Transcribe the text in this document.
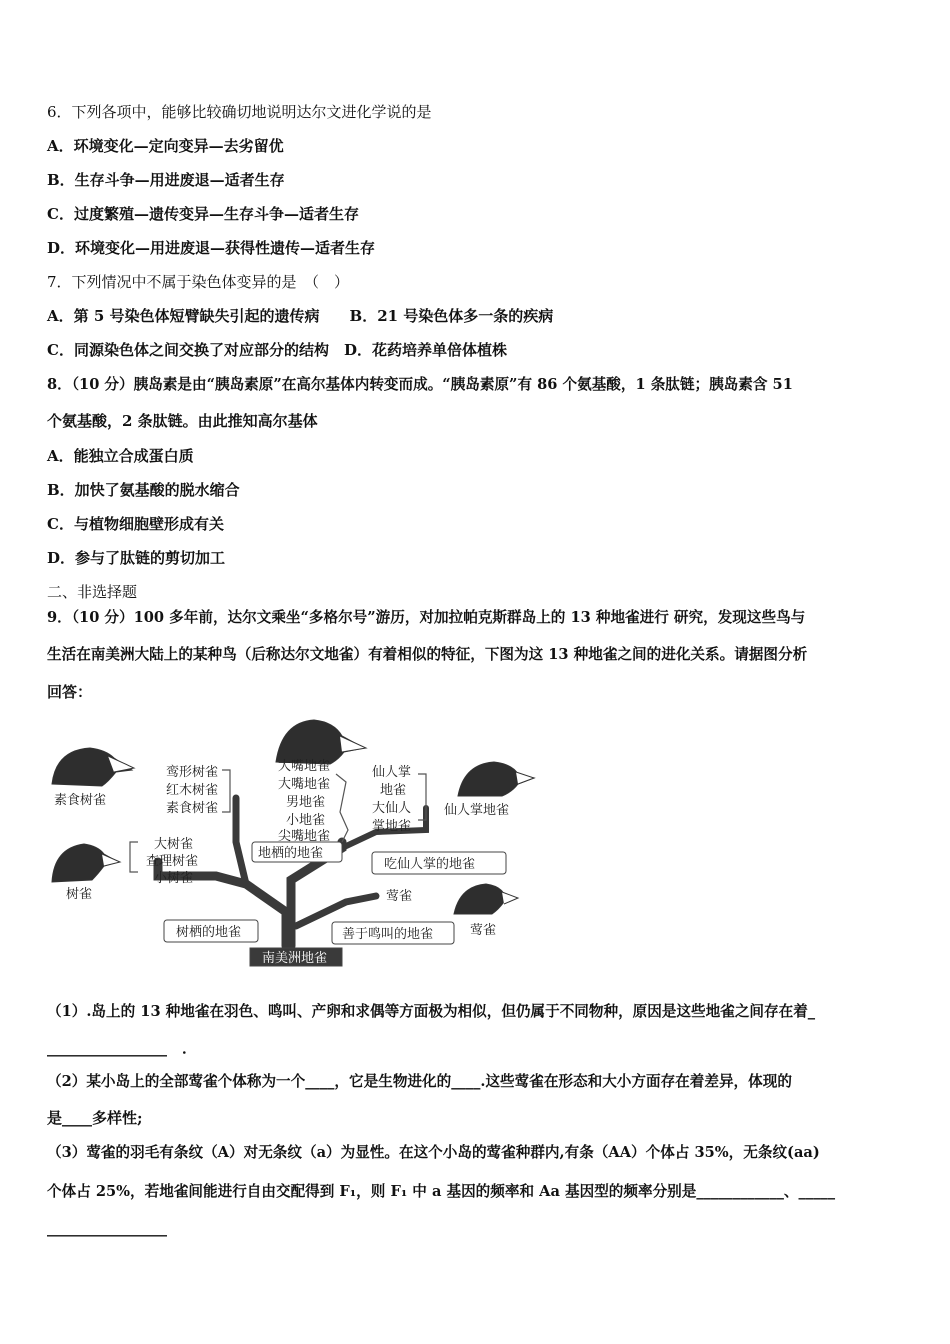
6．下列各项中，能够比较确切地说明达尔文进化学说的是
A．环境变化—定向变异—去劣留优
B．生存斗争—用进废退—适者生存
C．过度繁殖—遗传变异—生存斗争—适者生存
D．环境变化—用进废退—获得性遗传—适者生存
7．下列情况中不属于染色体变异的是　（　）
A．第 5 号染色体短臂缺失引起的遗传病　　B．21 号染色体多一条的疾病
C．同源染色体之间交换了对应部分的结构　D．花药培养单倍体植株
8．（10 分）胰岛素是由“胰岛素原”在高尔基体内转变而成。“胰岛素原”有 86 个氨基酸，1 条肽链；胰岛素含 51
个氨基酸，2 条肽链。由此推知高尔基体
A．能独立合成蛋白质
B．加快了氨基酸的脱水缩合
C．与植物细胞壁形成有关
D．参与了肽链的剪切加工
二、非选择题
9．（10 分）100 多年前，达尔文乘坐“多格尔号”游历，对加拉帕克斯群岛上的 13 种地雀进行 研究，发现这些鸟与
生活在南美洲大陆上的某种鸟（后称达尔文地雀）有着相似的特征，下图为这 13 种地雀之间的进化关系。请据图分析
回答：
树栖的地雀	善于鸣叫的地雀
南美洲地雀
地栖的地雀
吃仙人掌的地雀
鸾形树雀
红木树雀
素食树雀
大树雀
查理树雀
小树雀
大嘴地雀
大嘴地雀
男地雀
小地雀
尖嘴地雀
仙人掌
地雀
大仙人
掌地雀
莺雀
素食树雀
树雀
仙人掌地雀
莺雀
（1）.岛上的 13 种地雀在羽色、鸣叫、产卵和求偶等方面极为相似，但仍属于不同物种，原因是这些地雀之间存在着_
________________　．
（2）某小岛上的全部莺雀个体称为一个____，它是生物进化的____.这些莺雀在形态和大小方面存在着差异，体现的
是____多样性;
（3）莺雀的羽毛有条纹（A）对无条纹（a）为显性。在这个小岛的莺雀种群内,有条（AA）个体占 35%，无条纹(aa)
个体占 25%，若地雀间能进行自由交配得到 F₁，则 F₁ 中 a 基因的频率和 Aa 基因型的频率分别是____________、_____
________________
